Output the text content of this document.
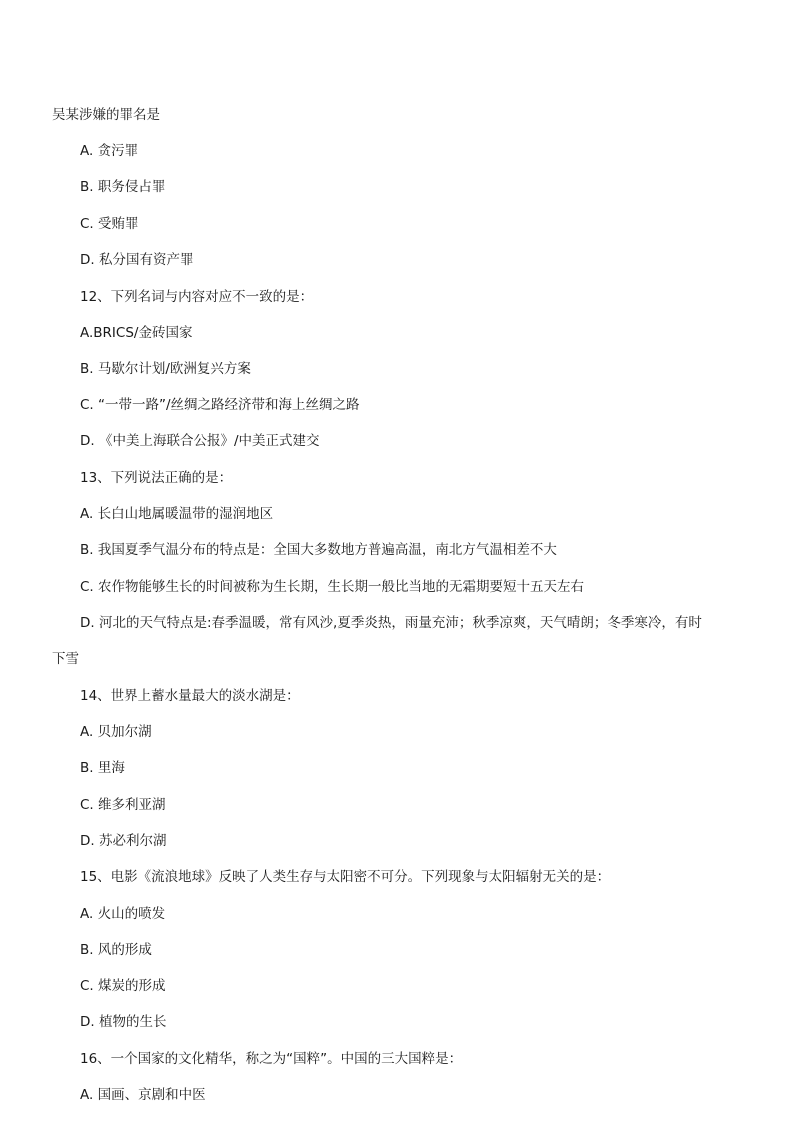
吴某涉嫌的罪名是
A. 贪污罪
B. 职务侵占罪
C. 受贿罪
D. 私分国有资产罪
12、下列名词与内容对应不一致的是：
A.BRICS/金砖国家
B. 马歇尔计划/欧洲复兴方案
C. “一带一路”/丝绸之路经济带和海上丝绸之路
D. 《中美上海联合公报》/中美正式建交
13、下列说法正确的是：
A. 长白山地属暖温带的湿润地区
B. 我国夏季气温分布的特点是：全国大多数地方普遍高温，南北方气温相差不大
C. 农作物能够生长的时间被称为生长期，生长期一般比当地的无霜期要短十五天左右
D. 河北的天气特点是:春季温暖，常有风沙,夏季炎热，雨量充沛；秋季凉爽，天气晴朗；冬季寒冷，有时
下雪
14、世界上蓄水量最大的淡水湖是：
A. 贝加尔湖
B. 里海
C. 维多利亚湖
D. 苏必利尔湖
15、电影《流浪地球》反映了人类生存与太阳密不可分。下列现象与太阳辐射无关的是：
A. 火山的喷发
B. 风的形成
C. 煤炭的形成
D. 植物的生长
16、一个国家的文化精华，称之为“国粹”。中国的三大国粹是：
A. 国画、京剧和中医
